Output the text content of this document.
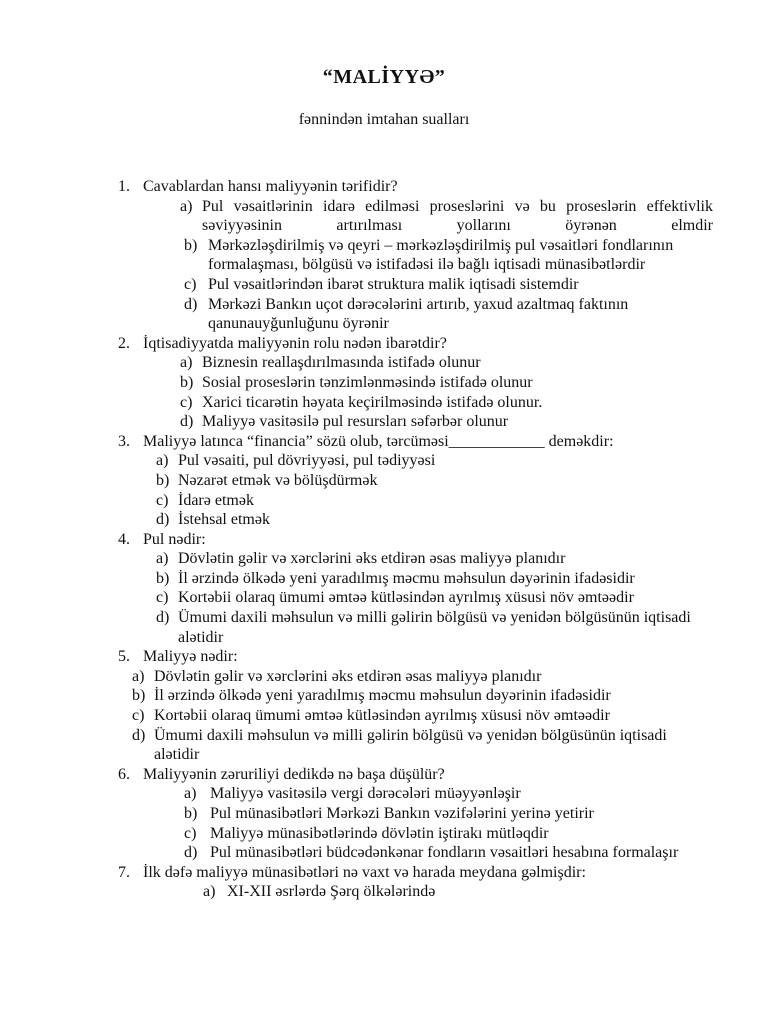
“MALİYYƏ”
fənnindən imtahan sualları
1. Cavablardan hansı maliyyənin tərifidir?
a) Pul vəsaitlərinin idarə edilməsi proseslərini və bu proseslərin effektivlik səviyyəsinin artırılması yollarını öyrənən elmdir
b) Mərkəzləşdirilmiş və qeyri – mərkəzləşdirilmiş pul vəsaitləri fondlarının formalaşması, bölgüsü və istifadəsi ilə bağlı iqtisadi münasibətlərdir
c) Pul vəsaitlərindən ibarət struktura malik iqtisadi sistemdir
d) Mərkəzi Bankın uçot dərəcələrini artırıb, yaxud azaltmaq faktının qanunauyğunluğunu öyrənir
2. İqtisadiyyatda maliyyənin rolu nədən ibarətdir?
a) Biznesin reallaşdırılmasında istifadə olunur
b) Sosial proseslərin tənzimlənməsində istifadə olunur
c) Xarici ticarətin həyata keçirilməsində istifadə olunur.
d) Maliyyə vasitəsilə pul resursları səfərbər olunur
3. Maliyyə latınca “financia” sözü olub, tərcüməsi____________ deməkdir:
a) Pul vəsaiti, pul dövriyyəsi, pul tədiyyəsi
b) Nəzarət etmək və bölüşdürmək
c) İdarə etmək
d) İstehsal etmək
4. Pul nədir:
a) Dövlətin gəlir və xərclərini əks etdirən əsas maliyyə planıdır
b) İl ərzində ölkədə yeni yaradılmış məcmu məhsulun dəyərinin ifadəsidir
c) Kortəbii olaraq ümumi əmtəə kütləsindən ayrılmış xüsusi növ əmtəədir
d) Ümumi daxili məhsulun və milli gəlirin bölgüsü və yenidən bölgüsünün iqtisadi alətidir
5. Maliyyə nədir:
a) Dövlətin gəlir və xərclərini əks etdirən əsas maliyyə planıdır
b) İl ərzində ölkədə yeni yaradılmış məcmu məhsulun dəyərinin ifadəsidir
c) Kortəbii olaraq ümumi əmtəə kütləsindən ayrılmış xüsusi növ əmtəədir
d) Ümumi daxili məhsulun və milli gəlirin bölgüsü və yenidən bölgüsünün iqtisadi alətidir
6. Maliyyənin zəruriliyi dedikdə nə başa düşülür?
a) Maliyyə vasitəsilə vergi dərəcələri müəyyənləşir
b) Pul münasibətləri Mərkəzi Bankın vəzifələrini yerinə yetirir
c) Maliyyə münasibətlərində dövlətin iştirakı mütləqdir
d) Pul münasibətləri büdcədənkənar fondların vəsaitləri hesabına formalaşır
7. İlk dəfə maliyyə münasibətləri nə vaxt və harada meydana gəlmişdir:
a) XI-XII əsrlərdə Şərq ölkələrində
